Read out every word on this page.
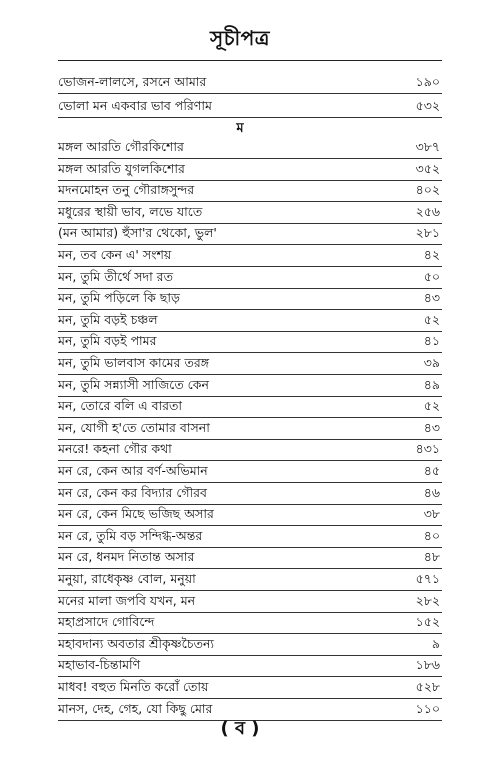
সূচীপত্র
ভোজন-লালসে, রসনে আমার	১৯০
ভোলা মন একবার ভাব পরিণাম	৫৩২
ম
মঙ্গল আরতি গৌরকিশোর	৩৮৭
মঙ্গল আরতি যুগলকিশোর	৩৫২
মদনমোহন তনু গৌরাঙ্গসুন্দর	৪০২
মধুরের স্থায়ী ভাব, লভে যাতে	২৫৬
(মন আমার) হুঁসা'র থেকো, ভুল'	২৮১
মন, তব কেন এ' সংশয়	৪২
মন, তুমি তীর্থে সদা রত	৫০
মন, তুমি পড়িলে কি ছাড়	৪৩
মন, তুমি বড়ই চঞ্চল	৫২
মন, তুমি বড়ই পামর	৪১
মন, তুমি ভালবাস কামের তরঙ্গ	৩৯
মন, তুমি সন্ন্যাসী সাজিতে কেন	৪৯
মন, তোরে বলি এ বারতা	৫২
মন, যোগী হ'তে তোমার বাসনা	৪৩
মনরে! কহনা গৌর কথা	৪৩১
মন রে, কেন আর বর্ণ-অভিমান	৪৫
মন রে, কেন কর বিদ্যার গৌরব	৪৬
মন রে, কেন মিছে ভজিছ অসার	৩৮
মন রে, তুমি বড় সন্দিগ্ধ-অন্তর	৪০
মন রে, ধনমদ নিতান্ত অসার	৪৮
মনুয়া, রাধেকৃষ্ণ বোল, মনুয়া	৫৭১
মনের মালা জপবি যখন, মন	২৮২
মহাপ্রসাদে গোবিন্দে	১৫২
মহাবদান্য অবতার শ্রীকৃষ্ণচৈতন্য	৯
মহাভাব-চিন্তামণি	১৮৬
মাধব! বহুত মিনতি করোঁ তোয়	৫২৮
মানস, দেহ, গেহ, যো কিছু মোর	১১০
( ব )
